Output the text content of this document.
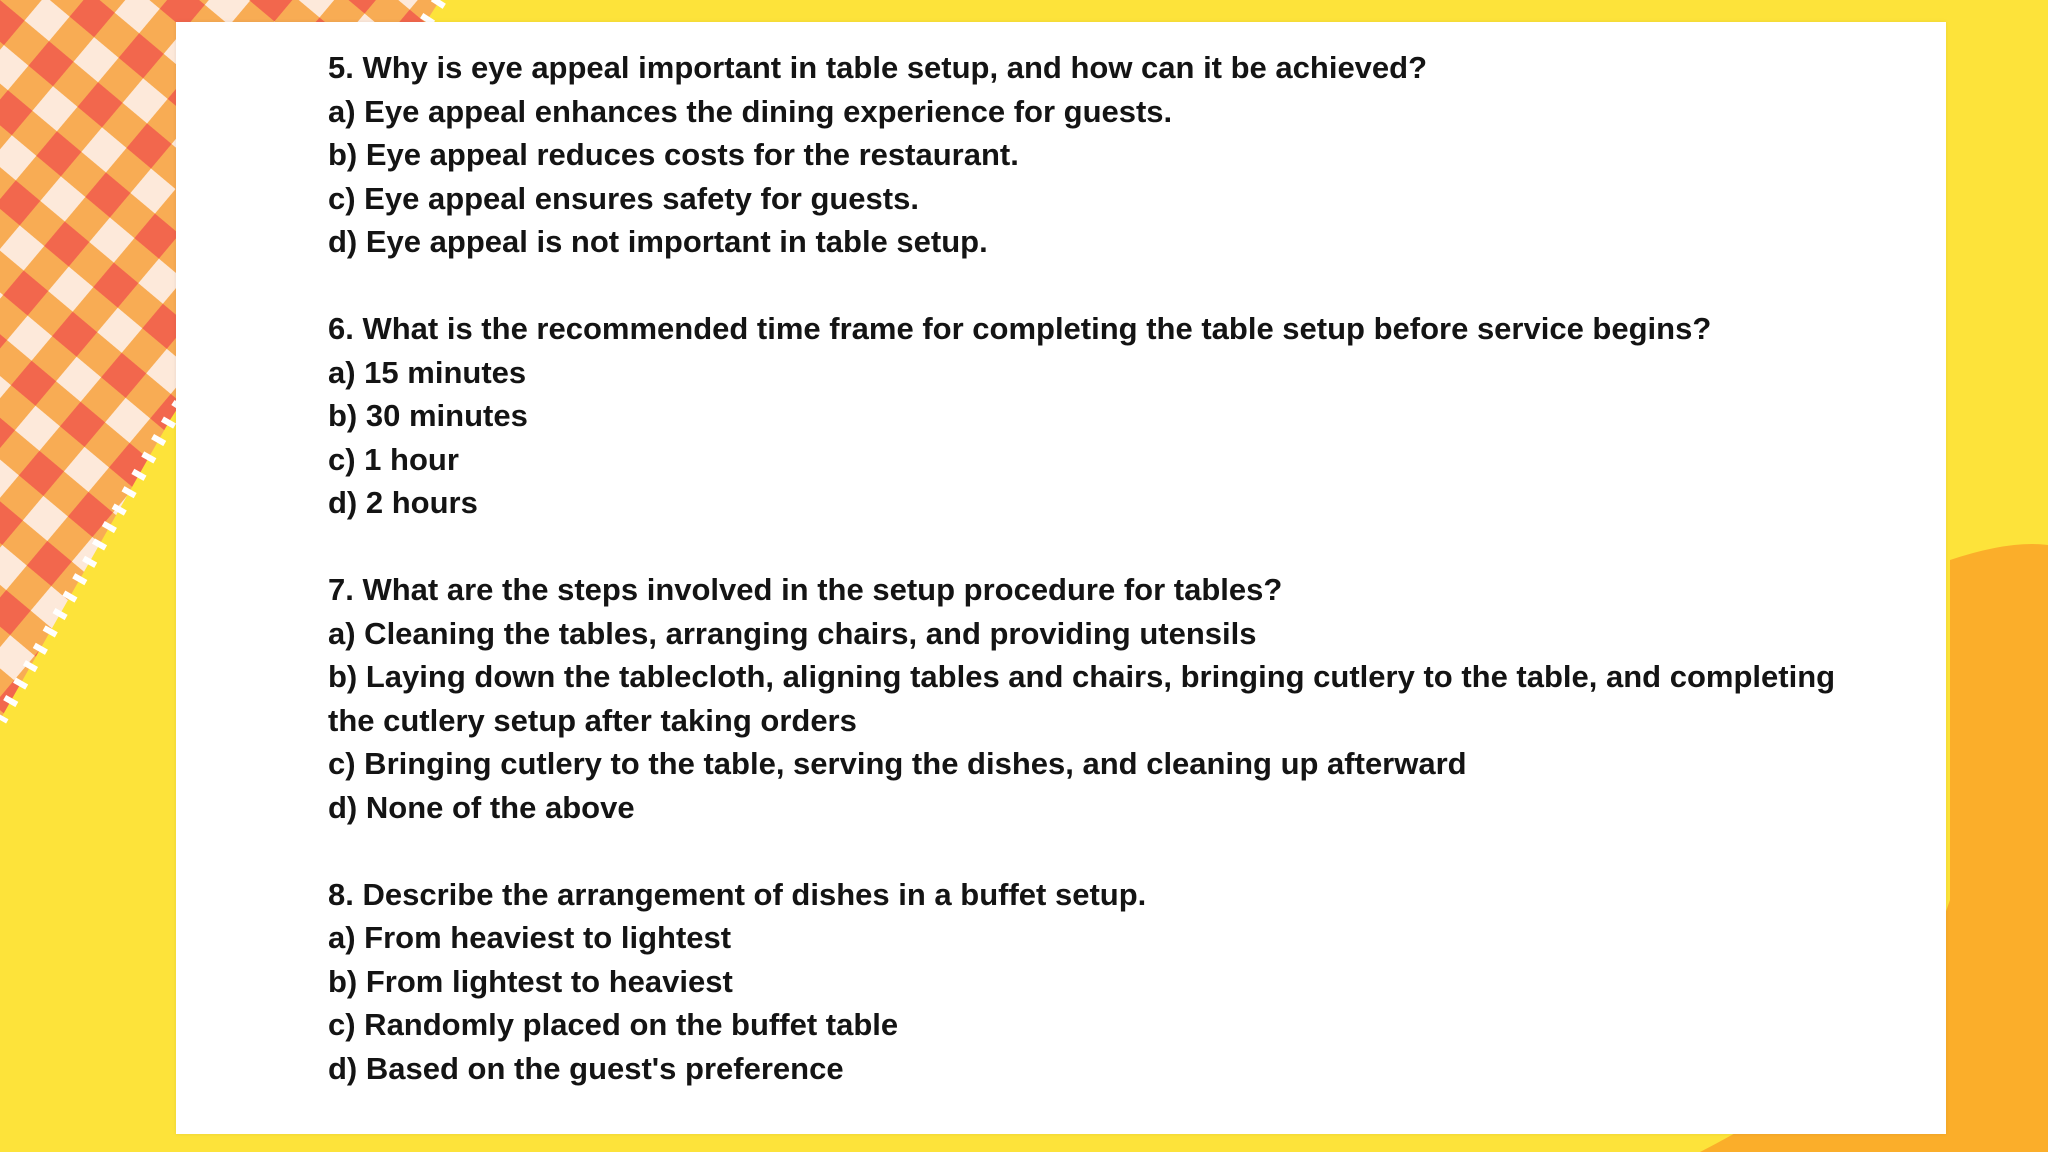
5. Why is eye appeal important in table setup, and how can it be achieved?
a) Eye appeal enhances the dining experience for guests.
b) Eye appeal reduces costs for the restaurant.
c) Eye appeal ensures safety for guests.
d) Eye appeal is not important in table setup.
6. What is the recommended time frame for completing the table setup before service begins?
a) 15 minutes
b) 30 minutes
c) 1 hour
d) 2 hours
7. What are the steps involved in the setup procedure for tables?
a) Cleaning the tables, arranging chairs, and providing utensils
b) Laying down the tablecloth, aligning tables and chairs, bringing cutlery to the table, and completing the cutlery setup after taking orders
c) Bringing cutlery to the table, serving the dishes, and cleaning up afterward
d) None of the above
8. Describe the arrangement of dishes in a buffet setup.
a) From heaviest to lightest
b) From lightest to heaviest
c) Randomly placed on the buffet table
d) Based on the guest's preference
